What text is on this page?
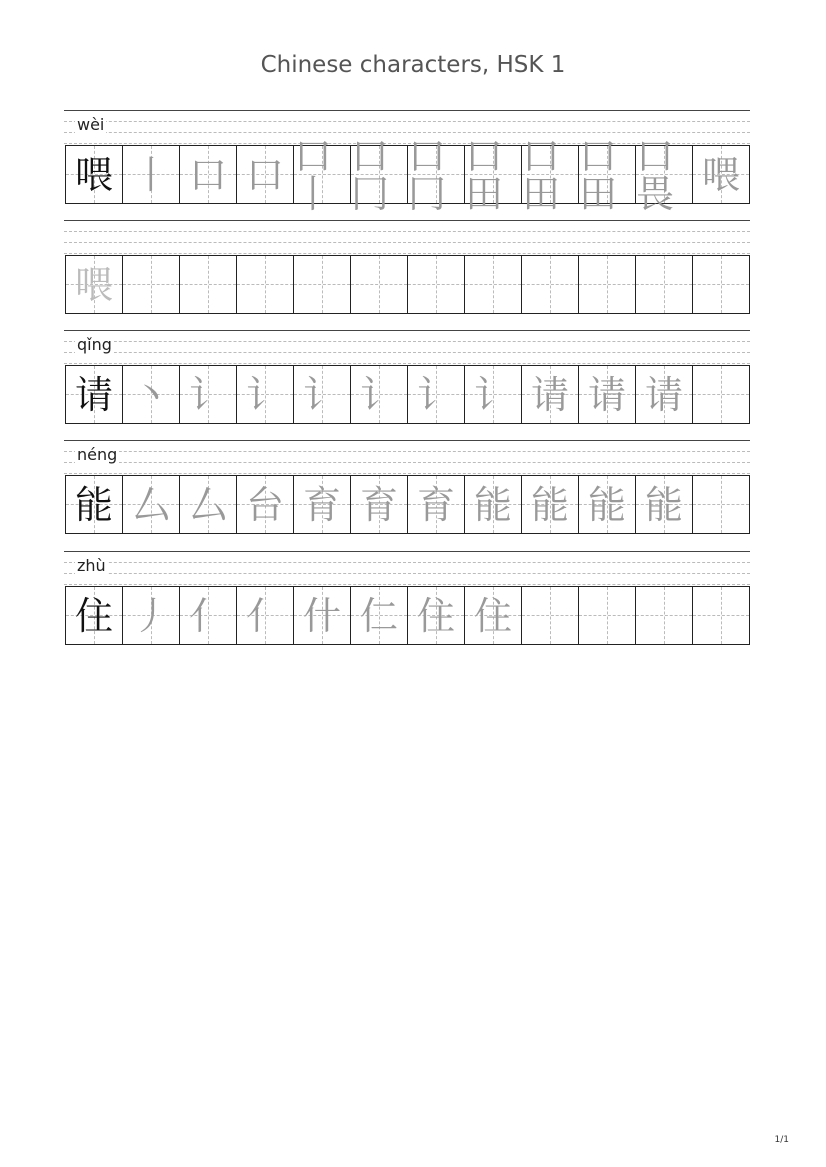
Chinese characters, HSK 1
wèi
喂 丨 口 口 口丨
口冂
口冂
口田
口田
口田
口畏 喂
喂
qǐng
请 丶 讠 讠 讠 讠 讠 讠 请 请 请
néng
能 厶 厶 台 育 育 育 能 能 能 能
zhù
住 丿 亻 亻 什 仁 住 住
1/1
